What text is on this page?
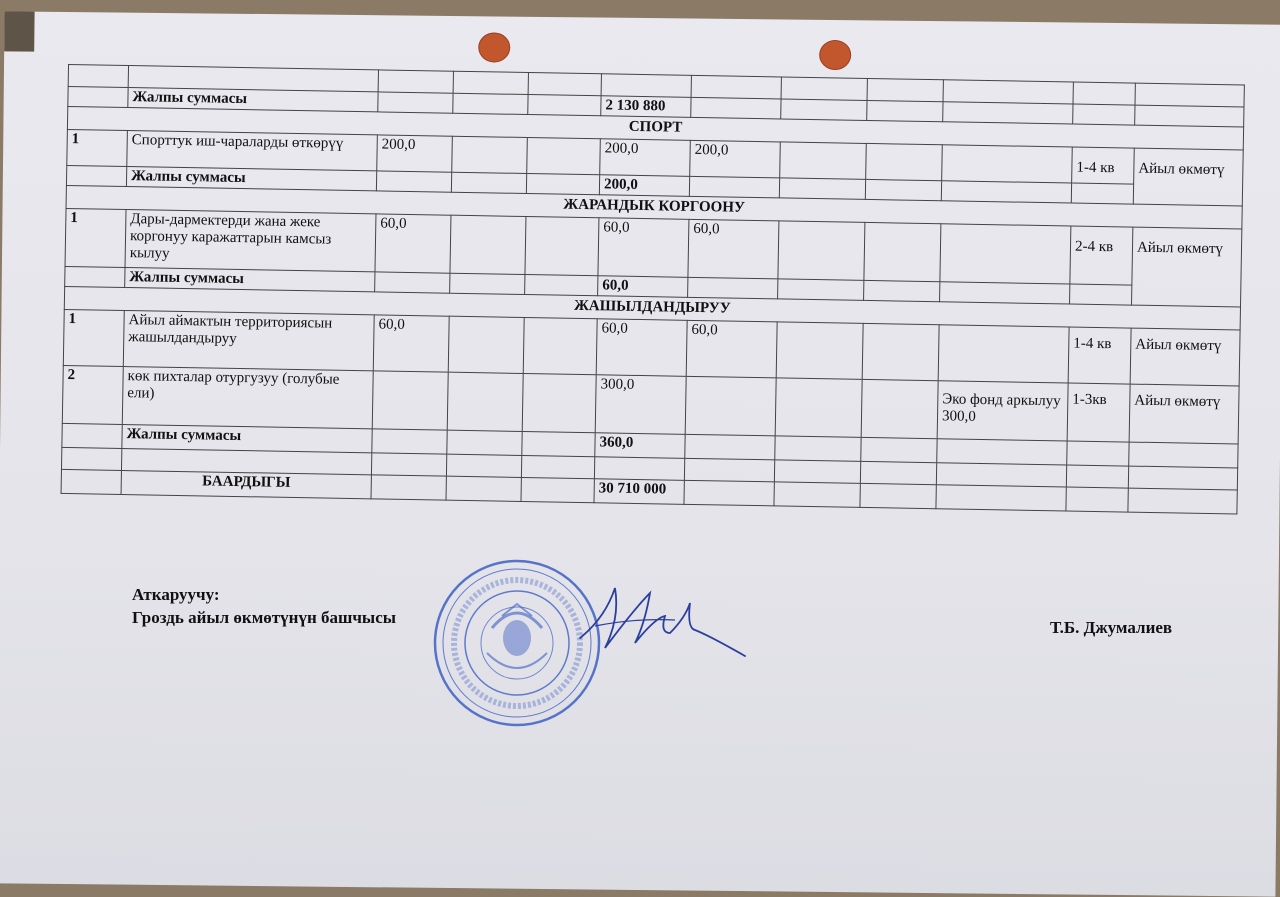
	Жалпы суммасы				2 130 880						
СПОРТ											
1	Спорттук иш-чараларды өткөрүү	200,0			200,0	200,0				1-4 кв	Айыл өкмөтү
	Жалпы суммасы				200,0						
ЖАРАНДЫК КОРГООНУ											
1	Дары-дармектерди жана жеке коргонуу каражаттарын камсыз кылуу	60,0			60,0	60,0				2-4 кв	Айыл өкмөтү
	Жалпы суммасы				60,0						
ЖАШЫЛДАНДЫРУУ											
1	Айыл аймактын территориясын жашылдандыруу	60,0			60,0	60,0				1-4 кв	Айыл өкмөтү
2	көк пихталар отургузуу (голубые ели)				300,0				Эко фонд аркылуу 300,0	1-3кв	Айыл өкмөтү
	Жалпы суммасы				360,0						

	БААРДЫГЫ				30 710 000						
Аткаруучу:
Гроздь айыл өкмөтүнүн башчысы
Т.Б. Джумалиев
